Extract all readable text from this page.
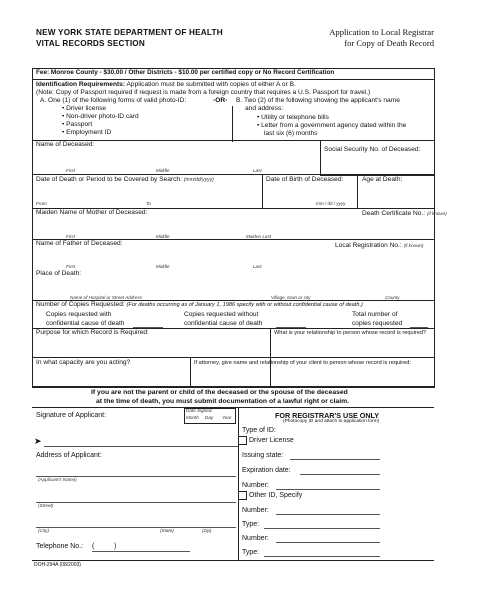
NEW YORK STATE DEPARTMENT OF HEALTH
VITAL RECORDS SECTION
Application to Local Registrar
for Copy of Death Record
Fee: Monroe County - $30.00 / Other Districts - $10.00 per certified copy or No Record Certification
Identification Requirements: Application must be submitted with copies of either A or B.
(Note: Copy of Passport required if request is made from a foreign country that requires a U.S. Passport for travel.)
A. One (1) of the following forms of valid photo-ID:	-OR- B. Two (2) of the following showing the applicant's name
and address:
• Driver license
• Non-driver photo-ID card
• Passport
• Employment ID
• Utility or telephone bills
• Letter from a government agency dated within the
last six (6) months
Name of Deceased:
Social Security No. of Deceased:
First	Middle	Last
Date of Death or Period to be Covered by Search: (mm/dd/yyyy)	Date of Birth of Deceased:	Age at Death:
From	To	mm / dd / yyyy
Maiden Name of Mother of Deceased:	Death Certificate No.: (if known)
First	Middle	Maiden Last
Name of Father of Deceased:	Local Registration No.: (if known)
First	Middle	Last
Place of Death:
Name of Hospital or Street Address	Village, town or city	County
Number of Copies Requested: (For deaths occurring as of January 1, 1986 specify with or without confidential cause of death.)
Copies requested with
confidential cause of death
Copies requested without
confidential cause of death
Total number of
copies requested
Purpose for which Record is Required:	What is your relationship to person whose record is required?
In what capacity are you acting?	If attorney, give name and relationship of your client to person whose record is required:
If you are not the parent or child of the deceased or the spouse of the deceased
at the time of death, you must submit documentation of a lawful right or claim.
Signature of Applicant:
Date Signed:
Month Day Year
➤
Address of Applicant:
(Applicant's Name)
(Street)
(City)	(State)	(Zip)
Telephone No.: (	)
FOR REGISTRAR'S USE ONLY
(Photocopy ID and attach to application form)
Type of ID:
Driver License
Issuing state:
Expiration date:
Number:
Other ID, Specify
Number:
Type:
Number:
Type:
DOH-294A (08/2003)
